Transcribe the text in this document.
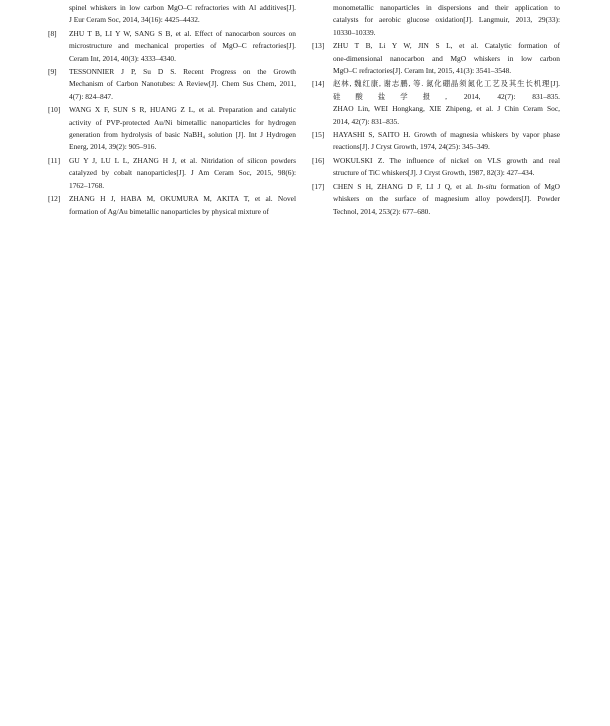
spinel whiskers in low carbon MgO–C refractories with Al additives[J].
J Eur Ceram Soc, 2014, 34(16): 4425–4432.
[8]	ZHU T B, LI Y W, SANG S B, et al. Effect of nanocarbon sources on
microstructure and mechanical properties of MgO–C refractories[J].
Ceram Int, 2014, 40(3): 4333–4340.
[9]	TESSONNIER J P, Su D S. Recent Progress on the Growth
Mechanism of Carbon Nanotubes: A Review[J]. Chem Sus Chem, 2011,
4(7): 824–847.
[10]	WANG X F, SUN S R, HUANG Z L, et al. Preparation and catalytic
activity of PVP-protected Au/Ni bimetallic nanoparticles for hydrogen
generation from hydrolysis of basic NaBH₄ solution [J]. Int J Hydrogen
Energ, 2014, 39(2): 905–916.
[11]	GU Y J, LU L L, ZHANG H J, et al. Nitridation of silicon powders
catalyzed by cobalt nanoparticles[J]. J Am Ceram Soc, 2015, 98(6):
1762–1768.
[12]	ZHANG H J, HABA M, OKUMURA M, AKITA T, et al. Novel
formation of Ag/Au bimetallic nanoparticles by physical mixture of
monometallic nanoparticles in dispersions and their application to
catalysts for aerobic glucose oxidation[J]. Langmuir, 2013, 29(33):
10330–10339.
[13]	ZHU T B, Li Y W, JIN S L, et al. Catalytic formation of
one-dimensional nanocarbon and MgO whiskers in low carbon
MgO–C refractories[J]. Ceram Int, 2015, 41(3): 3541–3548.
[14]	赵林, 魏红康, 谢志鹏, 等. 氮化硼晶须氮化工艺及其生长机理[J].
硅酸盐学报, 2014, 42(7): 831–835.
ZHAO Lin, WEI Hongkang, XIE Zhipeng, et al. J Chin Ceram Soc,
2014, 42(7): 831–835.
[15]	HAYASHI S, SAITO H. Growth of magnesia whiskers by vapor phase
reactions[J]. J Cryst Growth, 1974, 24(25): 345–349.
[16]	WOKULSKI Z. The influence of nickel on VLS growth and real
structure of TiC whiskers[J]. J Cryst Growth, 1987, 82(3): 427–434.
[17]	CHEN S H, ZHANG D F, LI J Q, et al. In-situ formation of MgO
whiskers on the surface of magnesium alloy powders[J]. Powder
Technol, 2014, 253(2): 677–680.
